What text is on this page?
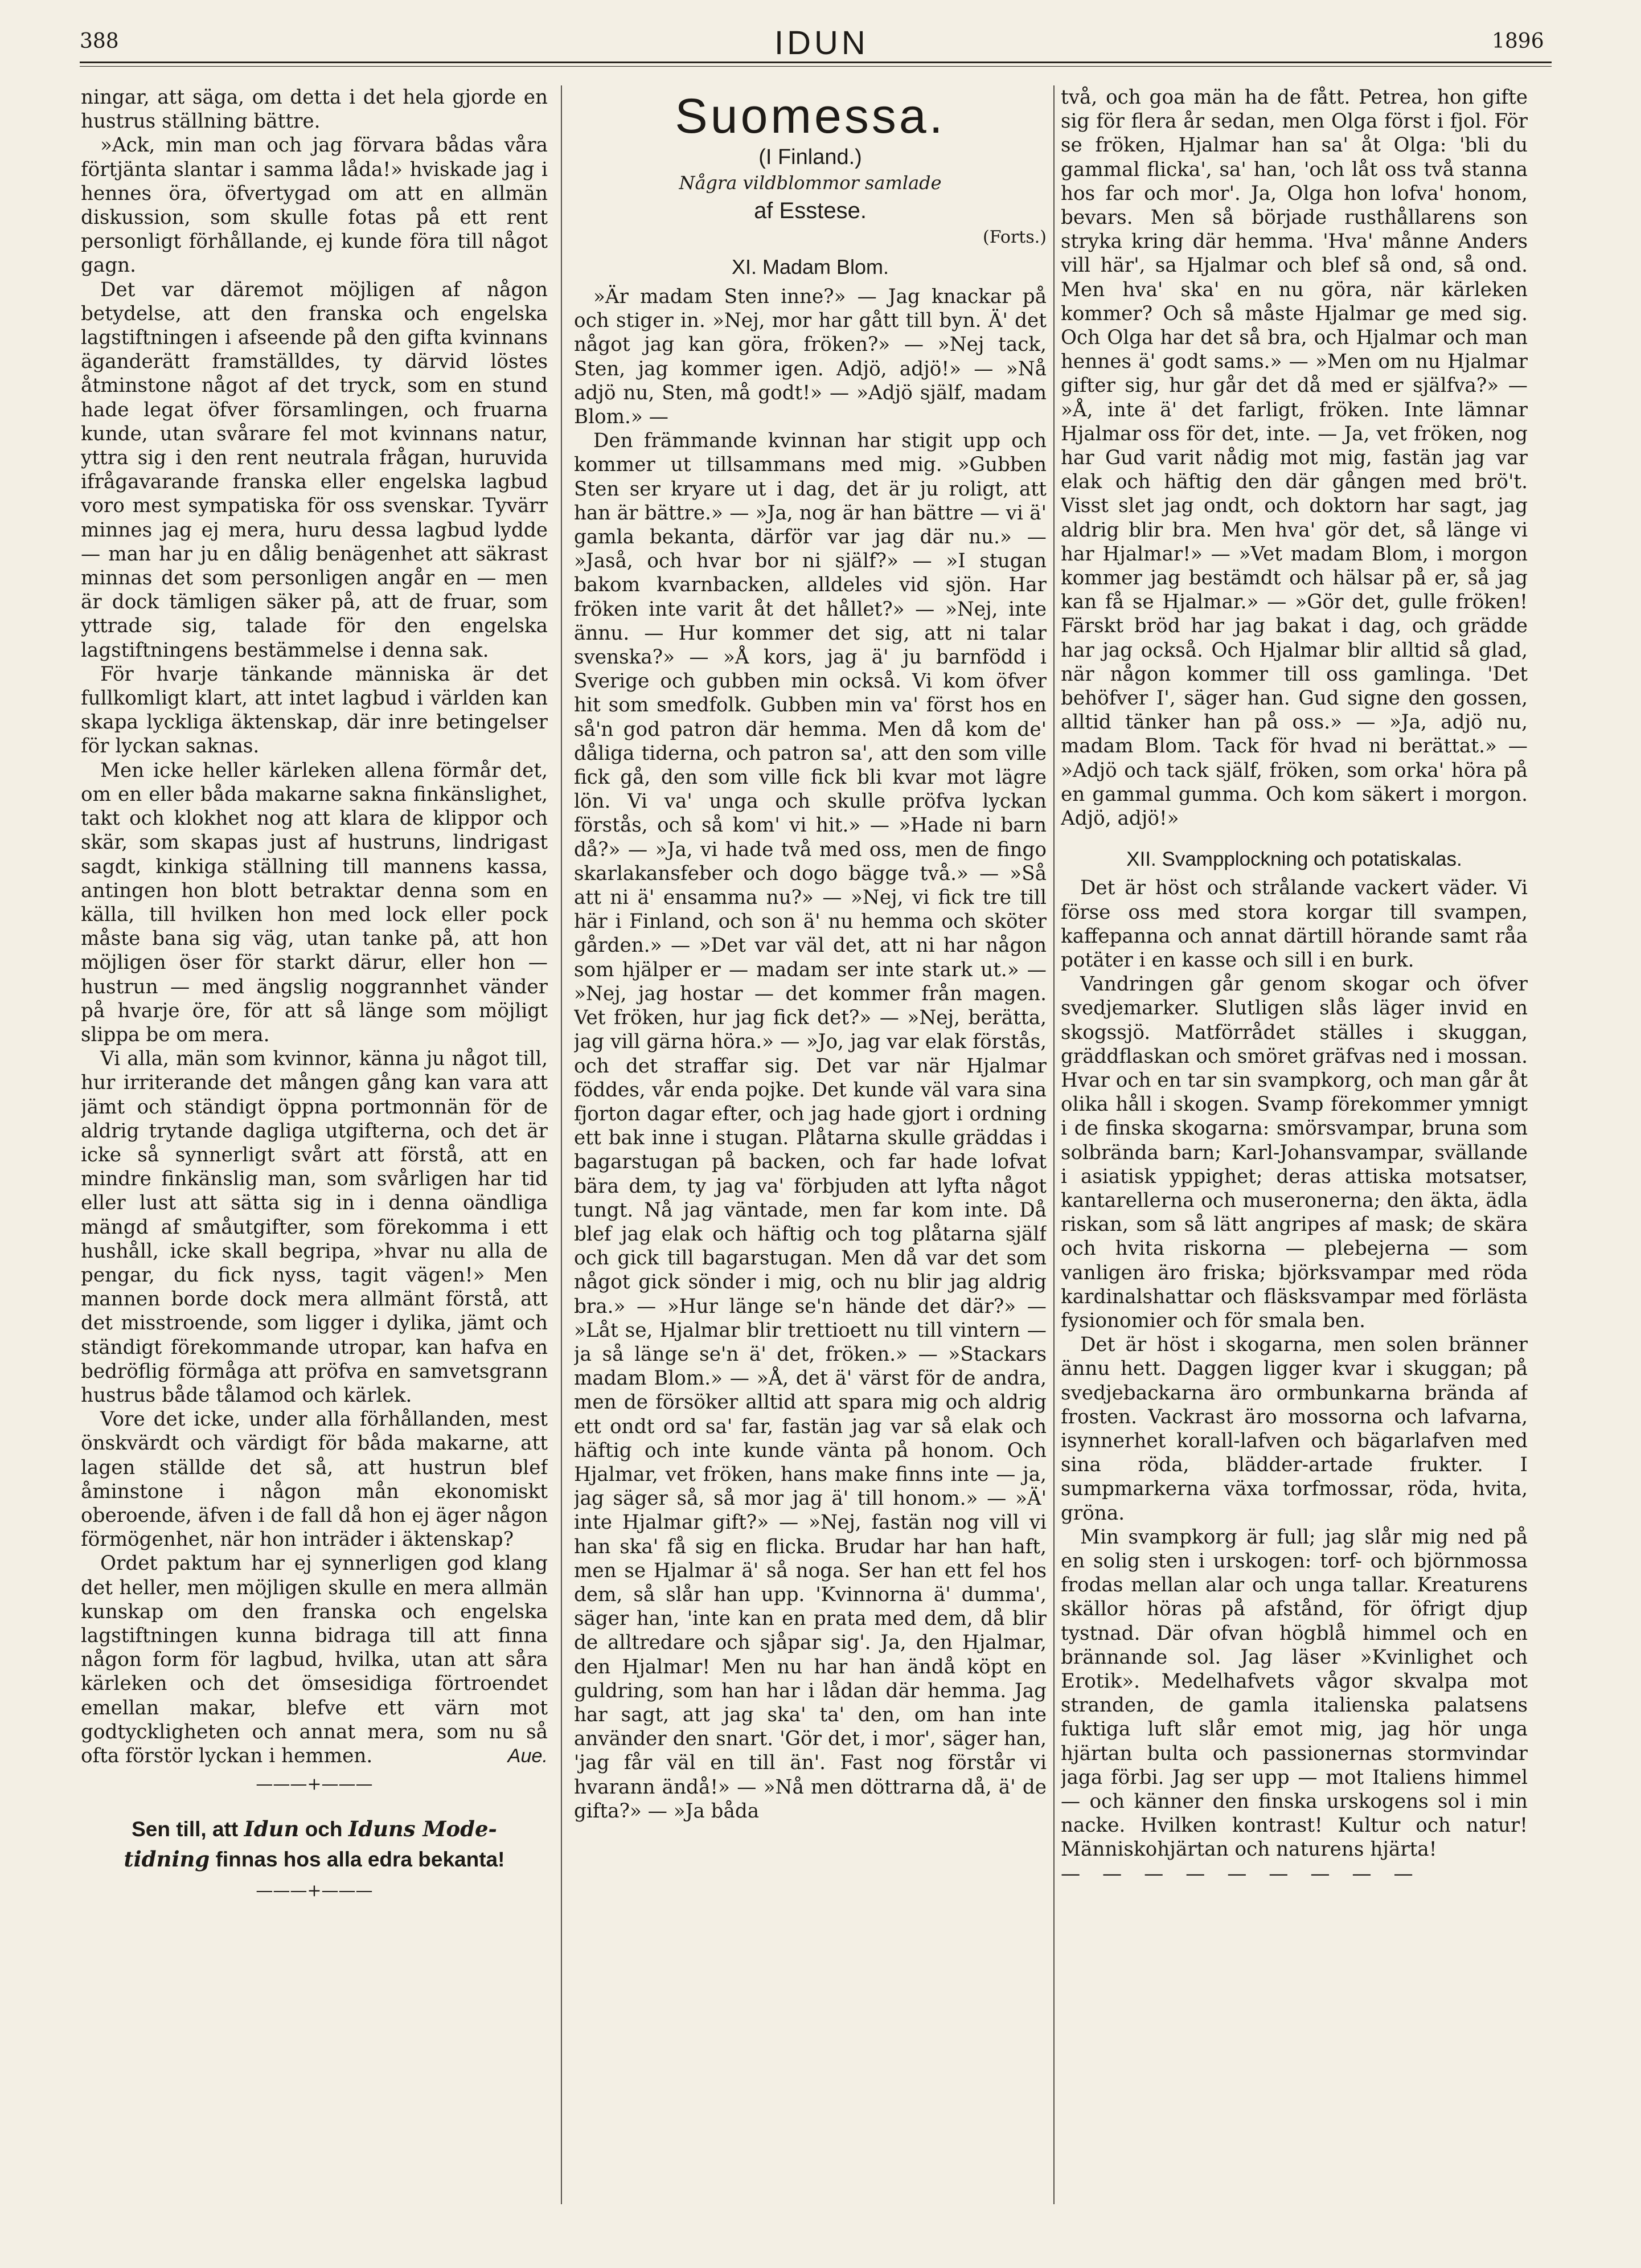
388	IDUN	1896

ningar, att säga, om detta i det hela gjorde en hustrus ställning bättre.

»Ack, min man och jag förvara bådas våra förtjänta slantar i samma låda!» hviskade jag i hennes öra, öfvertygad om att en allmän diskussion, som skulle fotas på ett rent personligt förhållande, ej kunde föra till något gagn.

Det var däremot möjligen af någon betydelse, att den franska och engelska lagstiftningen i afseende på den gifta kvinnans äganderätt framställdes, ty därvid löstes åtminstone något af det tryck, som en stund hade legat öfver församlingen, och fruarna kunde, utan svårare fel mot kvinnans natur, yttra sig i den rent neutrala frågan, huruvida ifrågavarande franska eller engelska lagbud voro mest sympatiska för oss svenskar. Tyvärr minnes jag ej mera, huru dessa lagbud lydde — man har ju en dålig benägenhet att säkrast minnas det som personligen angår en — men är dock tämligen säker på, att de fruar, som yttrade sig, talade för den engelska lagstiftningens bestämmelse i denna sak.

För hvarje tänkande människa är det fullkomligt klart, att intet lagbud i världen kan skapa lyckliga äktenskap, där inre betingelser för lyckan saknas.

Men icke heller kärleken allena förmår det, om en eller båda makarne sakna finkänslighet, takt och klokhet nog att klara de klippor och skär, som skapas just af hustruns, lindrigast sagdt, kinkiga ställning till mannens kassa, antingen hon blott betraktar denna som en källa, till hvilken hon med lock eller pock måste bana sig väg, utan tanke på, att hon möjligen öser för starkt därur, eller hon — hustrun — med ängslig noggrannhet vänder på hvarje öre, för att så länge som möjligt slippa be om mera.

Vi alla, män som kvinnor, känna ju något till, hur irriterande det mången gång kan vara att jämt och ständigt öppna portmonnän för de aldrig trytande dagliga utgifterna, och det är icke så synnerligt svårt att förstå, att en mindre finkänslig man, som svårligen har tid eller lust att sätta sig in i denna oändliga mängd af småutgifter, som förekomma i ett hushåll, icke skall begripa, »hvar nu alla de pengar, du fick nyss, tagit vägen!» Men mannen borde dock mera allmänt förstå, att det misstroende, som ligger i dylika, jämt och ständigt förekommande utropar, kan hafva en bedröflig förmåga att pröfva en samvetsgrann hustrus både tålamod och kärlek.

Vore det icke, under alla förhållanden, mest önskvärdt och värdigt för båda makarne, att lagen ställde det så, att hustrun blef åminstone i någon mån ekonomiskt oberoende, äfven i de fall då hon ej äger någon förmögenhet, när hon inträder i äktenskap?

Ordet paktum har ej synnerligen god klang det heller, men möjligen skulle en mera allmän kunskap om den franska och engelska lagstiftningen kunna bidraga till att finna någon form för lagbud, hvilka, utan att såra kärleken och det ömsesidiga förtroendet emellan makar, blefve ett värn mot godtyckligheten och annat mera, som nu så ofta förstör lyckan i hemmen.	Aue.
———+———
Sen till, att Idun och Iduns Mode-
tidning finnas hos alla edra bekanta!
———+———
Suomessa.
(I Finland.)
Några vildblommor samlade
af Esstese.
(Forts.)
XI. Madam Blom.

»Är madam Sten inne?» — Jag knackar på och stiger in. »Nej, mor har gått till byn. Ä' det något jag kan göra, fröken?» — »Nej tack, Sten, jag kommer igen. Adjö, adjö!» — »Nå adjö nu, Sten, må godt!» — »Adjö själf, madam Blom.» —

Den främmande kvinnan har stigit upp och kommer ut tillsammans med mig. »Gubben Sten ser kryare ut i dag, det är ju roligt, att han är bättre.» — »Ja, nog är han bättre — vi ä' gamla bekanta, därför var jag där nu.» — »Jaså, och hvar bor ni själf?» — »I stugan bakom kvarnbacken, alldeles vid sjön. Har fröken inte varit åt det hållet?» — »Nej, inte ännu. — Hur kommer det sig, att ni talar svenska?» — »Å kors, jag ä' ju barnfödd i Sverige och gubben min också. Vi kom öfver hit som smedfolk. Gubben min va' först hos en så'n god patron där hemma. Men då kom de' dåliga tiderna, och patron sa', att den som ville fick gå, den som ville fick bli kvar mot lägre lön. Vi va' unga och skulle pröfva lyckan förstås, och så kom' vi hit.» — »Hade ni barn då?» — »Ja, vi hade två med oss, men de fingo skarlakansfeber och dogo bägge två.» — »Så att ni ä' ensamma nu?» — »Nej, vi fick tre till här i Finland, och son ä' nu hemma och sköter gården.» — »Det var väl det, att ni har någon som hjälper er — madam ser inte stark ut.» — »Nej, jag hostar — det kommer från magen. Vet fröken, hur jag fick det?» — »Nej, berätta, jag vill gärna höra.» — »Jo, jag var elak förstås, och det straffar sig. Det var när Hjalmar föddes, vår enda pojke. Det kunde väl vara sina fjorton dagar efter, och jag hade gjort i ordning ett bak inne i stugan. Plåtarna skulle gräddas i bagarstugan på backen, och far hade lofvat bära dem, ty jag va' förbjuden att lyfta något tungt. Nå jag väntade, men far kom inte. Då blef jag elak och häftig och tog plåtarna själf och gick till bagarstugan. Men då var det som något gick sönder i mig, och nu blir jag aldrig bra.» — »Hur länge se'n hände det där?» — »Låt se, Hjalmar blir trettioett nu till vintern — ja så länge se'n ä' det, fröken.» — »Stackars madam Blom.» — »Å, det ä' värst för de andra, men de försöker alltid att spara mig och aldrig ett ondt ord sa' far, fastän jag var så elak och häftig och inte kunde vänta på honom. Och Hjalmar, vet fröken, hans make finns inte — ja, jag säger så, så mor jag ä' till honom.» — »Ä' inte Hjalmar gift?» — »Nej, fastän nog vill vi han ska' få sig en flicka. Brudar har han haft, men se Hjalmar ä' så noga. Ser han ett fel hos dem, så slår han upp. 'Kvinnorna ä' dumma', säger han, 'inte kan en prata med dem, då blir de alltredare och sjåpar sig'. Ja, den Hjalmar, den Hjalmar! Men nu har han ändå köpt en guldring, som han har i lådan där hemma. Jag har sagt, att jag ska' ta' den, om han inte använder den snart. 'Gör det, i mor', säger han, 'jag får väl en till än'. Fast nog förstår vi hvarann ändå!» — »Nå men döttrarna då, ä' de gifta?» — »Ja båda

två, och goa män ha de fått. Petrea, hon gifte sig för flera år sedan, men Olga först i fjol. För se fröken, Hjalmar han sa' åt Olga: 'bli du gammal flicka', sa' han, 'och låt oss två stanna hos far och mor'. Ja, Olga hon lofva' honom, bevars. Men så började rusthållarens son stryka kring där hemma. 'Hva' månne Anders vill här', sa Hjalmar och blef så ond, så ond. Men hva' ska' en nu göra, när kärleken kommer? Och så måste Hjalmar ge med sig. Och Olga har det så bra, och Hjalmar och man hennes ä' godt sams.» — »Men om nu Hjalmar gifter sig, hur går det då med er själfva?» — »Å, inte ä' det farligt, fröken. Inte lämnar Hjalmar oss för det, inte. — Ja, vet fröken, nog har Gud varit nådig mot mig, fastän jag var elak och häftig den där gången med brö't. Visst slet jag ondt, och doktorn har sagt, jag aldrig blir bra. Men hva' gör det, så länge vi har Hjalmar!» — »Vet madam Blom, i morgon kommer jag bestämdt och hälsar på er, så jag kan få se Hjalmar.» — »Gör det, gulle fröken! Färskt bröd har jag bakat i dag, och grädde har jag också. Och Hjalmar blir alltid så glad, när någon kommer till oss gamlinga. 'Det behöfver I', säger han. Gud signe den gossen, alltid tänker han på oss.» — »Ja, adjö nu, madam Blom. Tack för hvad ni berättat.» — »Adjö och tack själf, fröken, som orka' höra på en gammal gumma. Och kom säkert i morgon. Adjö, adjö!»

XII. Svampplockning och potatiskalas.

Det är höst och strålande vackert väder. Vi förse oss med stora korgar till svampen, kaffepanna och annat därtill hörande samt råa potäter i en kasse och sill i en burk.

Vandringen går genom skogar och öfver svedjemarker. Slutligen slås läger invid en skogssjö. Matförrådet ställes i skuggan, gräddflaskan och smöret gräfvas ned i mossan. Hvar och en tar sin svampkorg, och man går åt olika håll i skogen. Svamp förekommer ymnigt i de finska skogarna: smörsvampar, bruna som solbrända barn; Karl-Johansvampar, svällande i asiatisk yppighet; deras attiska motsatser, kantarellerna och museronerna; den äkta, ädla riskan, som så lätt angripes af mask; de skära och hvita riskorna — plebejerna — som vanligen äro friska; björksvampar med röda kardinalshattar och fläsksvampar med förlästa fysionomier och för smala ben.

Det är höst i skogarna, men solen bränner ännu hett. Daggen ligger kvar i skuggan; på svedjebackarna äro ormbunkarna brända af frosten. Vackrast äro mossorna och lafvarna, isynnerhet korall-lafven och bägarlafven med sina röda, blädder-artade frukter. I sumpmarkerna växa torfmossar, röda, hvita, gröna.

Min svampkorg är full; jag slår mig ned på en solig sten i urskogen: torf- och björnmossa frodas mellan alar och unga tallar. Kreaturens skällor höras på afstånd, för öfrigt djup tystnad. Där ofvan högblå himmel och en brännande sol. Jag läser »Kvinlighet och Erotik». Medelhafvets vågor skvalpa mot stranden, de gamla italienska palatsens fuktiga luft slår emot mig, jag hör unga hjärtan bulta och passionernas stormvindar jaga förbi. Jag ser upp — mot Italiens himmel — och känner den finska urskogens sol i min nacke. Hvilken kontrast! Kultur och natur! Människohjärtan och naturens hjärta!

— — — — — — — — —
